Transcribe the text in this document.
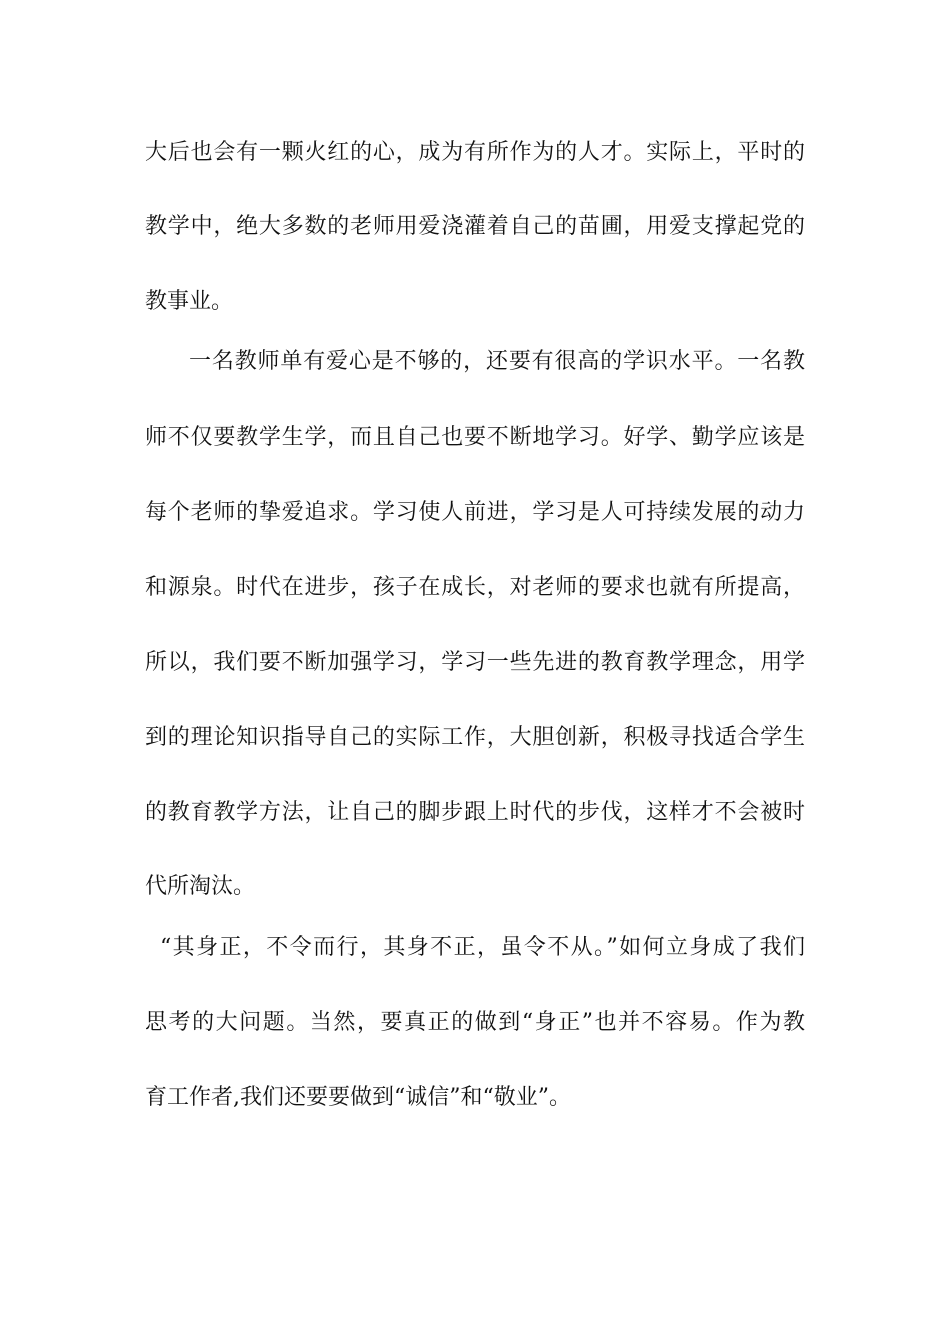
大后也会有一颗火红的心，成为有所作为的人才。实际上，平时的
教学中，绝大多数的老师用爱浇灌着自己的苗圃，用爱支撑起党的
教事业。
一名教师单有爱心是不够的，还要有很高的学识水平。一名教
师不仅要教学生学，而且自己也要不断地学习。好学、勤学应该是
每个老师的挚爱追求。学习使人前进，学习是人可持续发展的动力
和源泉。时代在进步，孩子在成长，对老师的要求也就有所提高，
所以，我们要不断加强学习，学习一些先进的教育教学理念，用学
到的理论知识指导自己的实际工作，大胆创新，积极寻找适合学生
的教育教学方法，让自己的脚步跟上时代的步伐，这样才不会被时
代所淘汰。
“其身正，不令而行，其身不正，虽令不从。”如何立身成了我们
思考的大问题。当然，要真正的做到“身正”也并不容易。作为教
育工作者,我们还要要做到“诚信”和“敬业”。
